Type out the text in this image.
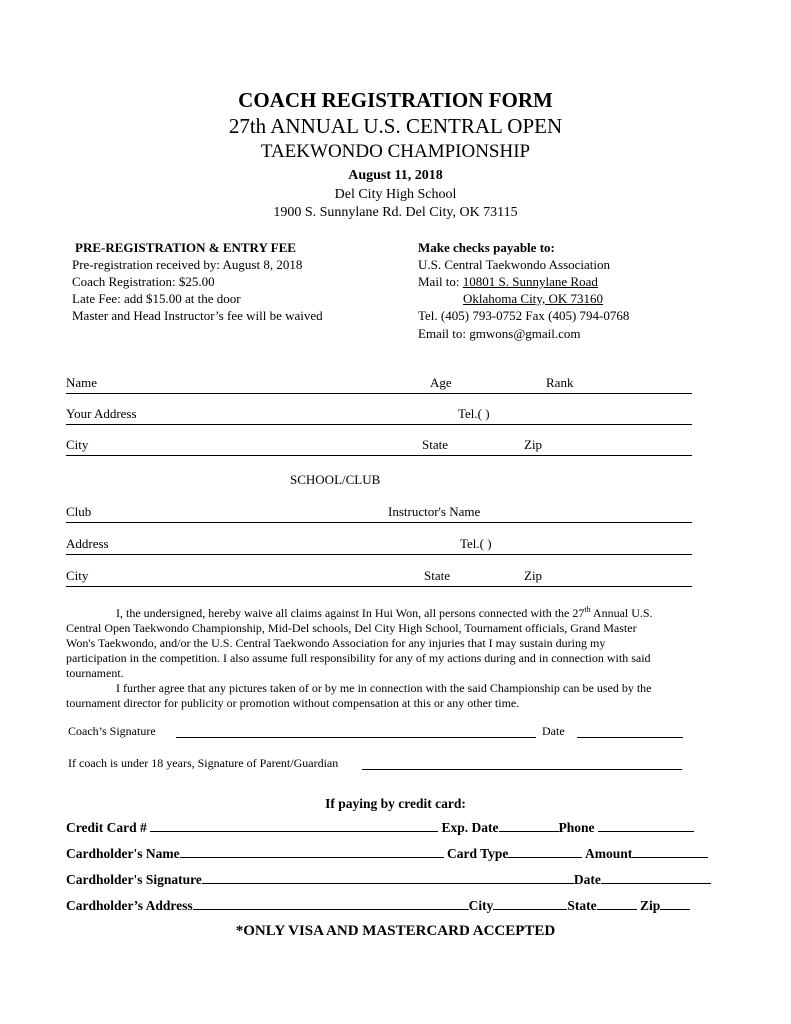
COACH REGISTRATION FORM
27th ANNUAL U.S. CENTRAL OPEN
TAEKWONDO CHAMPIONSHIP
August 11, 2018
Del City High School
1900 S. Sunnylane Rd. Del City, OK 73115
PRE-REGISTRATION & ENTRY FEE
Pre-registration received by: August 8, 2018
Coach Registration: $25.00
Late Fee: add $15.00 at the door
Master and Head Instructor’s fee will be waived
Make checks payable to:
U.S. Central Taekwondo Association
Mail to: 10801 S. Sunnylane Road
Oklahoma City, OK 73160
Tel. (405) 793-0752 Fax (405) 794-0768
Email to: gmwons@gmail.com
Name	Age	Rank
Your Address	Tel.( )
City	State	Zip
SCHOOL/CLUB
Club	Instructor's Name
Address	Tel.( )
City	State	Zip
I, the undersigned, hereby waive all claims against In Hui Won, all persons connected with the 27th Annual U.S.
Central Open Taekwondo Championship, Mid-Del schools, Del City High School, Tournament officials, Grand Master
Won's Taekwondo, and/or the U.S. Central Taekwondo Association for any injuries that I may sustain during my
participation in the competition. I also assume full responsibility for any of my actions during and in connection with said
tournament.
I further agree that any pictures taken of or by me in connection with the said Championship can be used by the
tournament director for publicity or promotion without compensation at this or any other time.
Coach’s Signature	Date
If coach is under 18 years, Signature of Parent/Guardian
If paying by credit card:
Credit Card #	Exp. Date	Phone
Cardholder's Name	Card Type	Amount
Cardholder's Signature	Date
Cardholder’s Address	City	State	Zip
*ONLY VISA AND MASTERCARD ACCEPTED
